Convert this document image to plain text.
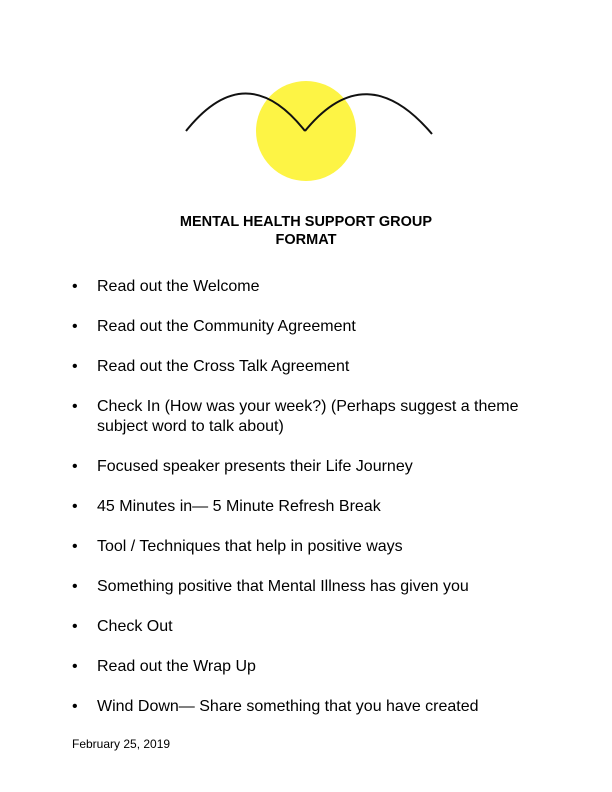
MENTAL HEALTH SUPPORT GROUP
FORMAT
• Read out the Welcome
• Read out the Community Agreement
• Read out the Cross Talk Agreement
• Check In (How was your week?) (Perhaps suggest a theme subject word to talk about)
• Focused speaker presents their Life Journey
• 45 Minutes in— 5 Minute Refresh Break
• Tool / Techniques that help in positive ways
• Something positive that Mental Illness has given you
• Check Out
• Read out the Wrap Up
• Wind Down— Share something that you have created
February 25, 2019
